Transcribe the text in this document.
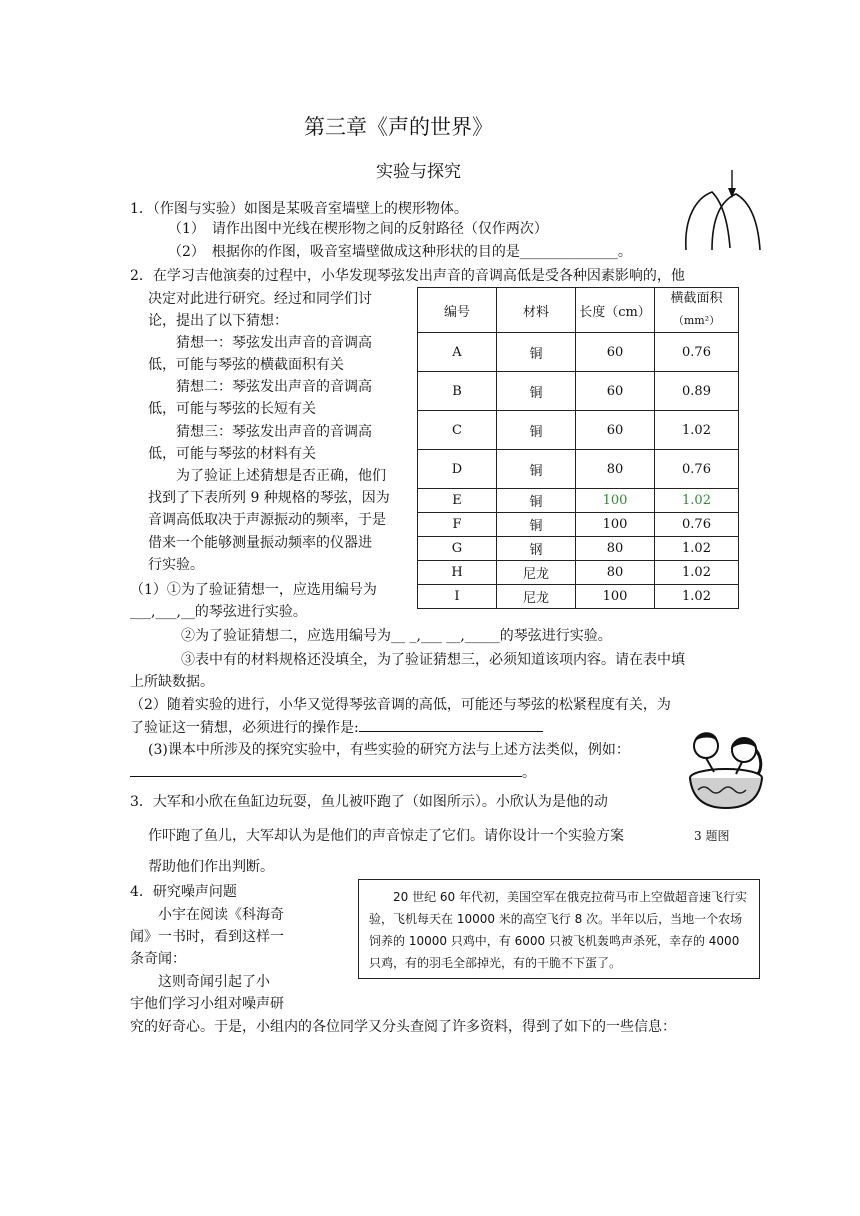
第三章《声的世界》
实验与探究
1．（作图与实验）如图是某吸音室墙壁上的楔形物体。
（1）　请作出图中光线在楔形物之间的反射路径（仅作两次）
（2）　根据你的作图，吸音室墙壁做成这种形状的目的是______________。
2．在学习吉他演奏的过程中，小华发现琴弦发出声音的音调高低是受各种因素影响的，他
决定对此进行研究。经过和同学们讨
论，提出了以下猜想：
　　猜想一：琴弦发出声音的音调高
低，可能与琴弦的横截面积有关
　　猜想二：琴弦发出声音的音调高
低，可能与琴弦的长短有关
　　猜想三：琴弦发出声音的音调高
低，可能与琴弦的材料有关
　　为了验证上述猜想是否正确，他们
找到了下表所列 9 种规格的琴弦，因为
音调高低取决于声源振动的频率，于是
借来一个能够测量振动频率的仪器进
行实验。
（1）①为了验证猜想一，应选用编号为
___,___,__的琴弦进行实验。
编号	材料	长度（cm）	横截面积
（mm²）

A	铜	60	0.76
B	铜	60	0.89
C	铜	60	1.02
D	铜	80	0.76
E	铜	100	1.02
F	铜	100	0.76
G	钢	80	1.02
H	尼龙	80	1.02
I	尼龙	100	1.02
②为了验证猜想二，应选用编号为__ _,___ __,_____的琴弦进行实验。
③表中有的材料规格还没填全，为了验证猜想三，必须知道该项内容。请在表中填
上所缺数据。
（2）随着实验的进行，小华又觉得琴弦音调的高低，可能还与琴弦的松紧程度有关，为
了验证这一猜想，必须进行的操作是:
(3)课本中所涉及的探究实验中，有些实验的研究方法与上述方法类似，例如：
。
3．大军和小欣在鱼缸边玩耍，鱼儿被吓跑了（如图所示）。小欣认为是他的动
作吓跑了鱼儿，大军却认为是他们的声音惊走了它们。请你设计一个实验方案	3 题图
帮助他们作出判断。
4．研究噪声问题
　　小宇在阅读《科海奇
闻》一书时，看到这样一
条奇闻：
　　这则奇闻引起了小
宇他们学习小组对噪声研
究的好奇心。于是，小组内的各位同学又分头查阅了许多资料，得到了如下的一些信息：
　　20 世纪 60 年代初，美国空军在俄克拉荷马市上空做超音速飞行实验，飞机每天在 10000 米的高空飞行 8 次。半年以后，当地一个农场饲养的 10000 只鸡中，有 6000 只被飞机轰鸣声杀死，幸存的 4000 只鸡，有的羽毛全部掉光，有的干脆不下蛋了。
